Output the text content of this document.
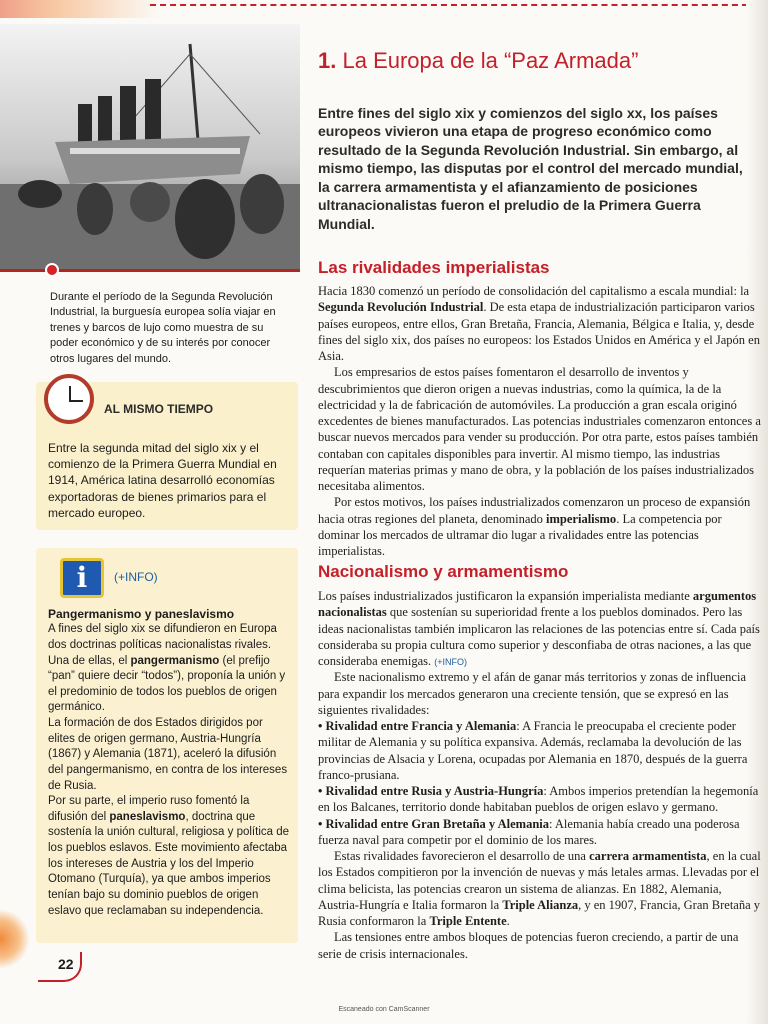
Durante el período de la Segunda Revolución Industrial, la burguesía europea solía viajar en trenes y barcos de lujo como muestra de su poder económico y de su interés por conocer otros lugares del mundo.
AL MISMO TIEMPO
Entre la segunda mitad del siglo xix y el comienzo de la Primera Guerra Mundial en 1914, América latina desarrolló economías exportadoras de bienes primarios para el mercado europeo.
i	(+INFO)

Pangermanismo y paneslavismo

A fines del siglo xix se difundieron en Europa dos doctrinas políticas nacionalistas rivales. Una de ellas, el pangermanismo (el prefijo “pan” quiere decir “todos”), proponía la unión y el predominio de todos los pueblos de origen germánico.

La formación de dos Estados dirigidos por elites de origen germano, Austria-Hungría (1867) y Alemania (1871), aceleró la difusión del pangermanismo, en contra de los intereses de Rusia.

Por su parte, el imperio ruso fomentó la difusión del paneslavismo, doctrina que sostenía la unión cultural, religiosa y política de los pueblos eslavos. Este movimiento afectaba los intereses de Austria y los del Imperio Otomano (Turquía), ya que ambos imperios tenían bajo su dominio pueblos de origen eslavo que reclamaban su independencia.

1. La Europa de la “Paz Armada”
Entre fines del siglo xix y comienzos del siglo xx, los países europeos vivieron una etapa de progreso económico como resultado de la Segunda Revolución Industrial. Sin embargo, al mismo tiempo, las disputas por el control del mercado mundial, la carrera armamentista y el afianzamiento de posiciones ultranacionalistas fueron el preludio de la Primera Guerra Mundial.
Las rivalidades imperialistas

Hacia 1830 comenzó un período de consolidación del capitalismo a escala mundial: la Segunda Revolución Industrial. De esta etapa de industrialización participaron varios países europeos, entre ellos, Gran Bretaña, Francia, Alemania, Bélgica e Italia, y, desde fines del siglo xix, dos países no europeos: los Estados Unidos en América y el Japón en Asia.

Los empresarios de estos países fomentaron el desarrollo de inventos y descubrimientos que dieron origen a nuevas industrias, como la química, la de la electricidad y la de fabricación de automóviles. La producción a gran escala originó excedentes de bienes manufacturados. Las potencias industriales comenzaron entonces a buscar nuevos mercados para vender su producción. Por otra parte, estos países también contaban con capitales disponibles para invertir. Al mismo tiempo, las industrias requerían materias primas y mano de obra, y la población de los países industrializados necesitaba alimentos.

Por estos motivos, los países industrializados comenzaron un proceso de expansión hacia otras regiones del planeta, denominado imperialismo. La competencia por dominar los mercados de ultramar dio lugar a rivalidades entre las potencias imperialistas.

Nacionalismo y armamentismo

Los países industrializados justificaron la expansión imperialista mediante argumentos nacionalistas que sostenían su superioridad frente a los pueblos dominados. Pero las ideas nacionalistas también implicaron las relaciones de las potencias entre sí. Cada país consideraba su propia cultura como superior y desconfiaba de otras naciones, a las que consideraba enemigas. (+INFO)

Este nacionalismo extremo y el afán de ganar más territorios y zonas de influencia para expandir los mercados generaron una creciente tensión, que se expresó en las siguientes rivalidades:

• Rivalidad entre Francia y Alemania: A Francia le preocupaba el creciente poder militar de Alemania y su política expansiva. Además, reclamaba la devolución de las provincias de Alsacia y Lorena, ocupadas por Alemania en 1870, después de la guerra franco-prusiana.

• Rivalidad entre Rusia y Austria-Hungría: Ambos imperios pretendían la hegemonía en los Balcanes, territorio donde habitaban pueblos de origen eslavo y germano.

• Rivalidad entre Gran Bretaña y Alemania: Alemania había creado una poderosa fuerza naval para competir por el dominio de los mares.

Estas rivalidades favorecieron el desarrollo de una carrera armamentista, en la cual los Estados compitieron por la invención de nuevas y más letales armas. Llevadas por el clima belicista, las potencias crearon un sistema de alianzas. En 1882, Alemania, Austria-Hungría e Italia formaron la Triple Alianza, y en 1907, Francia, Gran Bretaña y Rusia conformaron la Triple Entente.

Las tensiones entre ambos bloques de potencias fueron creciendo, a partir de una serie de crisis internacionales.

22
Escaneado con CamScanner
